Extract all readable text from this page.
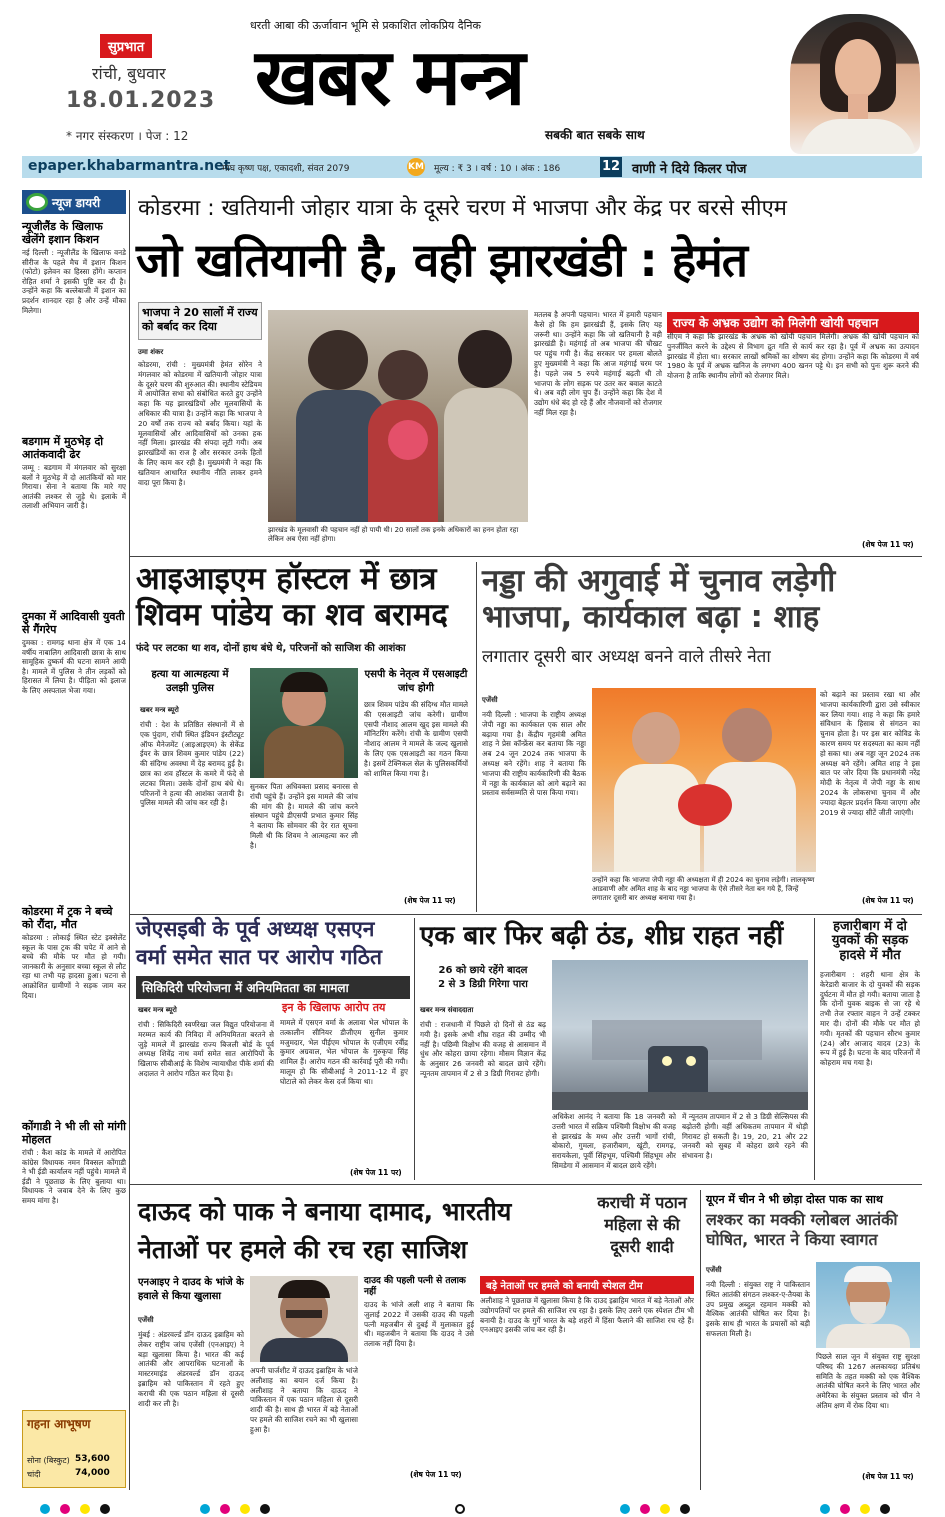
सुप्रभात
रांची, बुधवार
18.01.2023
* नगर संस्करण । पेज : 12
धरती आबा की ऊर्जावान भूमि से प्रकाशित लोकप्रिय दैनिक
खबर मन्त्र
सबकी बात सबके साथ
epaper.khabarmantra.net
माघ कृष्ण पक्ष, एकादशी, संवत 2079	KM मूल्य : ₹ 3 । वर्ष : 10 । अंक : 186	12 वाणी ने दिये किलर पोज
न्यूज डायरी
न्यूजीलैंड के खिलाफ खेलेंगे इशान किशन
नई दिल्ली : न्यूजीलैंड के खिलाफ वनडे सीरीज के पहले मैच में इशान किशन (फोटो) इलेवन का हिस्सा होंगे। कप्तान रोहित शर्मा ने इसकी पुष्टि कर दी है। उन्होंने कहा कि बल्लेबाजी में इशान का प्रदर्शन शानदार रहा है और उन्हें मौका मिलेगा।
बडगाम में मुठभेड़ दो आतंकवादी ढेर
जम्मू : बडगाम में मंगलवार को सुरक्षा बलों ने मुठभेड़ में दो आतंकियों को मार गिराया। सेना ने बताया कि मारे गए आतंकी लश्कर से जुड़े थे। इलाके में तलाशी अभियान जारी है।
दुमका में आदिवासी युवती से गैंगरेप
दुमका : रामगढ़ थाना क्षेत्र में एक 14 वर्षीय नाबालिग आदिवासी छात्रा के साथ सामूहिक दुष्कर्म की घटना सामने आयी है। मामले में पुलिस ने तीन लड़कों को हिरासत में लिया है। पीड़िता को इलाज के लिए अस्पताल भेजा गया।
कोडरमा में ट्रक ने बच्चे को रौंदा, मौत
कोडरमा : लोकाई स्थित स्टेट इक्सेलेंट स्कूल के पास ट्रक की चपेट में आने से बच्चे की मौके पर मौत हो गयी। जानकारी के अनुसार बच्चा स्कूल से लौट रहा था तभी यह हादसा हुआ। घटना से आक्रोशित ग्रामीणों ने सड़क जाम कर दिया।
कोंगाडी ने भी ली सो मांगी मोहलत
रांची : कैश कांड के मामले में आरोपित कांग्रेस विधायक नमन विक्सल कोंगाडी ने भी ईडी कार्यालय नहीं पहुंचे। मामले में ईडी ने पूछताछ के लिए बुलाया था। विधायक ने जवाब देने के लिए कुछ समय मांगा है।
गहना आभूषण
सोना (बिस्कुट) 53,600
चांदी	74,000
कोडरमा : खतियानी जोहार यात्रा के दूसरे चरण में भाजपा और केंद्र पर बरसे सीएम
जो खतियानी है, वही झारखंडी : हेमंत
भाजपा ने 20 सालों में राज्य को बर्बाद कर दिया
उमा शंकर
कोडरमा, रांची : मुख्यमंत्री हेमंत सोरेन ने मंगलवार को कोडरमा में खतियानी जोहार यात्रा के दूसरे चरण की शुरुआत की। स्थानीय स्टेडियम में आयोजित सभा को संबोधित करते हुए उन्होंने कहा कि यह झारखंडियों और मूलवासियों के अधिकार की यात्रा है। उन्होंने कहा कि भाजपा ने 20 वर्षों तक राज्य को बर्बाद किया। यहां के मूलवासियों और आदिवासियों को उनका हक नहीं मिला। झारखंड की संपदा लूटी गयी। अब झारखंडियों का राज है और सरकार उनके हितों के लिए काम कर रही है। मुख्यमंत्री ने कहा कि खतियान आधारित स्थानीय नीति लाकर हमने वादा पूरा किया है।
झारखंड के मूलवासी की पहचान नहीं हो पायी थी। 20 सालों तक इनके अधिकारों का हनन होता रहा लेकिन अब ऐसा नहीं होगा।
मतलब है अपनी पहचान। भारत में हमारी पहचान कैसे हो कि हम झारखंडी हैं, इसके लिए यह जरूरी था। उन्होंने कहा कि जो खतियानी है वही झारखंडी है। महंगाई तो अब भाजपा की चौखट पर पहुंच गयी है। केंद्र सरकार पर हमला बोलते हुए मुख्यमंत्री ने कहा कि आज महंगाई चरम पर है। पहले जब 5 रुपये महंगाई बढ़ती थी तो भाजपा के लोग सड़क पर उतर कर बवाल काटते थे। अब वही लोग चुप हैं। उन्होंने कहा कि देश में उद्योग धंधे बंद हो रहे हैं और नौजवानों को रोजगार नहीं मिल रहा है।
राज्य के अभ्रक उद्योग को मिलेगी खोयी पहचान
सीएम ने कहा कि झारखंड के अभ्रक को खोयी पहचान मिलेगी। अभ्रक की खोयी पहचान को पुनर्जीवित करने के उद्देश्य से विभाग द्रुत गति से कार्य कर रहा है। पूर्व में अभ्रक का उत्पादन झारखंड में होता था। सरकार लाखों श्रमिकों का शोषण बंद होगा। उन्होंने कहा कि कोडरमा में वर्ष 1980 के पूर्व में अभ्रक खनिज के लगभग 400 खनन पट्टे थे। इन सभी को पुनः शुरू करने की योजना है ताकि स्थानीय लोगों को रोजगार मिले।
(शेष पेज 11 पर)
आइआइएम हॉस्टल में छात्र
शिवम पांडेय का शव बरामद
फंदे पर लटका था शव, दोनों हाथ बंधे थे, परिजनों को साजिश की आशंका
हत्या या आत्महत्या में उलझी पुलिस
खबर मन्त्र ब्यूरो
रांची : देश के प्रतिष्ठित संस्थानों में से एक पुंदाग, रांची स्थित इंडियन इंस्टीट्यूट ऑफ मैनेजमेंट (आइआइएम) के सेकेंड ईयर के छात्र शिवम कुमार पांडेय (22) की संदिग्ध अवस्था में देह बरामद हुई है। छात्र का शव हॉस्टल के कमरे में फंदे से लटका मिला। उसके दोनों हाथ बंधे थे। परिजनों ने हत्या की आशंका जतायी है। पुलिस मामले की जांच कर रही है।
सुनकर पिता अधिवक्ता प्रसाद बनारस से रांची पहुंचे हैं। उन्होंने इस मामले की जांच की मांग की है। मामले की जांच करने संस्थान पहुंचे डीएसपी प्रभात कुमार सिंह ने बताया कि सोमवार की देर रात सूचना मिली थी कि शिवम ने आत्महत्या कर ली है।
एसपी के नेतृत्व में एसआइटी जांच होगी
छात्र शिवम पांडेय की संदिग्ध मौत मामले की एसआइटी जांच करेगी। ग्रामीण एसपी नौशाद आलम खुद इस मामले की मॉनिटरिंग करेंगे। रांची के ग्रामीण एसपी नौशाद आलम ने मामले के जल्द खुलासे के लिए एक एसआइटी का गठन किया है। इसमें टेक्निकल सेल के पुलिसकर्मियों को शामिल किया गया है।
(शेष पेज 11 पर)
नड्डा की अगुवाई में चुनाव लड़ेगी
भाजपा, कार्यकाल बढ़ा : शाह
लगातार दूसरी बार अध्यक्ष बनने वाले तीसरे नेता
एजेंसी
नयी दिल्ली : भाजपा के राष्ट्रीय अध्यक्ष जेपी नड्डा का कार्यकाल एक साल और बढ़ाया गया है। केंद्रीय गृहमंत्री अमित शाह ने प्रेस कॉन्फ्रेंस कर बताया कि नड्डा अब 24 जून 2024 तक भाजपा के अध्यक्ष बने रहेंगे। शाह ने बताया कि भाजपा की राष्ट्रीय कार्यकारिणी की बैठक में नड्डा के कार्यकाल को आगे बढ़ाने का प्रस्ताव सर्वसम्मति से पास किया गया।
उन्होंने कहा कि भाजपा जेपी नड्डा की अध्यक्षता में ही 2024 का चुनाव लड़ेगी। लालकृष्ण आडवाणी और अमित शाह के बाद नड्डा भाजपा के ऐसे तीसरे नेता बन गये हैं, जिन्हें लगातार दूसरी बार अध्यक्ष बनाया गया है।
को बढ़ाने का प्रस्ताव रखा था और भाजपा कार्यकारिणी द्वारा उसे स्वीकार कर लिया गया। शाह ने कहा कि हमारे संविधान के हिसाब से संगठन का चुनाव होता है। पर इस बार कोविड के कारण समय पर सदस्यता का काम नहीं हो सका था। अब नड्डा जून 2024 तक अध्यक्ष बने रहेंगे। अमित शाह ने इस बात पर जोर दिया कि प्रधानमंत्री नरेंद्र मोदी के नेतृत्व में जेपी नड्डा के साथ 2024 के लोकसभा चुनाव में और ज्यादा बेहतर प्रदर्शन किया जाएगा और 2019 से ज्यादा सीटें जीती जाएंगी।
(शेष पेज 11 पर)
जेएसइबी के पूर्व अध्यक्ष एसएन
वर्मा समेत सात पर आरोप गठित
सिकिदिरी परियोजना में अनियमितता का मामला
इन के खिलाफ आरोप तय
खबर मन्त्र ब्यूरो
रांची : सिकिदिरी स्वर्णरेखा जल विद्युत परियोजना में मरम्मत कार्य की निविदा में अनियमितता बरतने से जुड़े मामले में झारखंड राज्य बिजली बोर्ड के पूर्व अध्यक्ष शिवेंद्र नाथ वर्मा समेत सात आरोपियों के खिलाफ सीबीआई के विशेष न्यायाधीश पीके शर्मा की अदालत ने आरोप गठित कर दिया है।
मामले में एसएन वर्मा के अलावा भेल भोपाल के तत्कालीन सीनियर डीजीएम सुनील कुमार मजुमदार, भेल पीईएम भोपाल के एजीएम रवींद्र कुमार अग्रवाल, भेल भोपाल के गुरुकृपा सिंह शामिल हैं। आरोप गठन की कार्रवाई पूरी की गयी। मालूम हो कि सीबीआई ने 2011-12 में हुए घोटाले को लेकर केस दर्ज किया था।
(शेष पेज 11 पर)
एक बार फिर बढ़ी ठंड, शीघ्र राहत नहीं
26 को छाये रहेंगे बादल
2 से 3 डिग्री गिरेगा पारा
खबर मन्त्र संवाददाता
रांची : राजधानी में पिछले दो दिनों से ठंड बढ़ गयी है। इसके अभी शीघ्र राहत की उम्मीद भी नहीं है। पछिमी विक्षोभ की वजह से आसमान में धुंध और कोहरा छाया रहेगा। मौसम विज्ञान केंद्र के अनुसार 26 जनवरी को बादल छाये रहेंगे। न्यूनतम तापमान में 2 से 3 डिग्री गिरावट होगी।
अधिकेश आनंद ने बताया कि 18 जनवरी को उत्तरी भारत में सक्रिय पश्चिमी विक्षोभ की वजह से झारखंड के मध्य और उत्तरी भागों रांची, बोकारो, गुमला, हजारीबाग, खूंटी, रामगढ़, सरायकेला, पूर्वी सिंहभूम, पश्चिमी सिंहभूम और सिमडेगा में आसमान में बादल छाये रहेंगे।
में न्यूनतम तापमान में 2 से 3 डिग्री सेल्सियस की बढ़ोतरी होगी। वहीं अधिकतम तापमान में थोड़ी गिरावट हो सकती है। 19, 20, 21 और 22 जनवरी को सुबह में कोहरा छाये रहने की संभावना है।
हजारीबाग में दो युवकों की सड़क हादसे में मौत
हजारीबाग : शहरी थाना क्षेत्र के केरेडारी बाजार के दो युवकों की सड़क दुर्घटना में मौत हो गयी। बताया जाता है कि दोनों युवक बाइक से जा रहे थे तभी तेज रफ्तार वाहन ने उन्हें टक्कर मार दी। दोनों की मौके पर मौत हो गयी। मृतकों की पहचान सौरभ कुमार (24) और आजाद यादव (23) के रूप में हुई है। घटना के बाद परिजनों में कोहराम मच गया है।
दाऊद को पाक ने बनाया दामाद, भारतीय
नेताओं पर हमले की रच रहा साजिश
कराची में पठान महिला से की दूसरी शादी
एनआइए ने दाउद के भांजे के हवाले से किया खुलासा
एजेंसी
मुंबई : अंडरवर्ल्ड डॉन दाऊद इब्राहिम को लेकर राष्ट्रीय जांच एजेंसी (एनआइए) ने बड़ा खुलासा किया है। भारत की कई आतंकी और आपराधिक घटनाओं के मास्टरमाइंड अंडरवर्ल्ड डॉन दाऊद इब्राहिम को पाकिस्तान में रहते हुए कराची की एक पठान महिला से दूसरी शादी कर ली है।
अपनी चार्जशीट में दाऊद इब्राहिम के भांजे अलीशाह का बयान दर्ज किया है। अलीशाह ने बताया कि दाऊद ने पाकिस्तान में एक पठान महिला से दूसरी शादी की है। साथ ही भारत में बड़े नेताओं पर हमले की साजिश रचने का भी खुलासा हुआ है।
दाउद की पहली पत्नी से तलाक नहीं
दाउद के भांजे अली शाह ने बताया कि जुलाई 2022 में उसकी दाउद की पहली पत्नी महजबीन से दुबई में मुलाकात हुई थी। महजबीन ने बताया कि दाउद ने उसे तलाक नहीं दिया है।
बड़े नेताओं पर हमले को बनायी स्पेशल टीम
अलीशाह ने पूछताछ में खुलासा किया है कि दाउद इब्राहिम भारत में बड़े नेताओं और उद्योगपतियों पर हमले की साजिश रच रहा है। इसके लिए उसने एक स्पेशल टीम भी बनायी है। दाउद के गुर्गे भारत के बड़े शहरों में हिंसा फैलाने की साजिश रच रहे हैं। एनआइए इसकी जांच कर रही है।
(शेष पेज 11 पर)
यूएन में चीन ने भी छोड़ा दोस्त पाक का साथ
लश्कर का मक्की ग्लोबल आतंकी घोषित, भारत ने किया स्वागत
एजेंसी
नयी दिल्ली : संयुक्त राष्ट्र ने पाकिस्तान स्थित आतंकी संगठन लश्कर-ए-तैयबा के उप प्रमुख अब्दुल रहमान मक्की को वैश्विक आतंकी घोषित कर दिया है। इसके साथ ही भारत के प्रयासों को बड़ी सफलता मिली है।
पिछले साल जून में संयुक्त राष्ट्र सुरक्षा परिषद की 1267 अलकायदा प्रतिबंध समिति के तहत मक्की को एक वैश्विक आतंकी घोषित करने के लिए भारत और अमेरिका के संयुक्त प्रस्ताव को चीन ने अंतिम क्षण में रोक दिया था।
(शेष पेज 11 पर)
